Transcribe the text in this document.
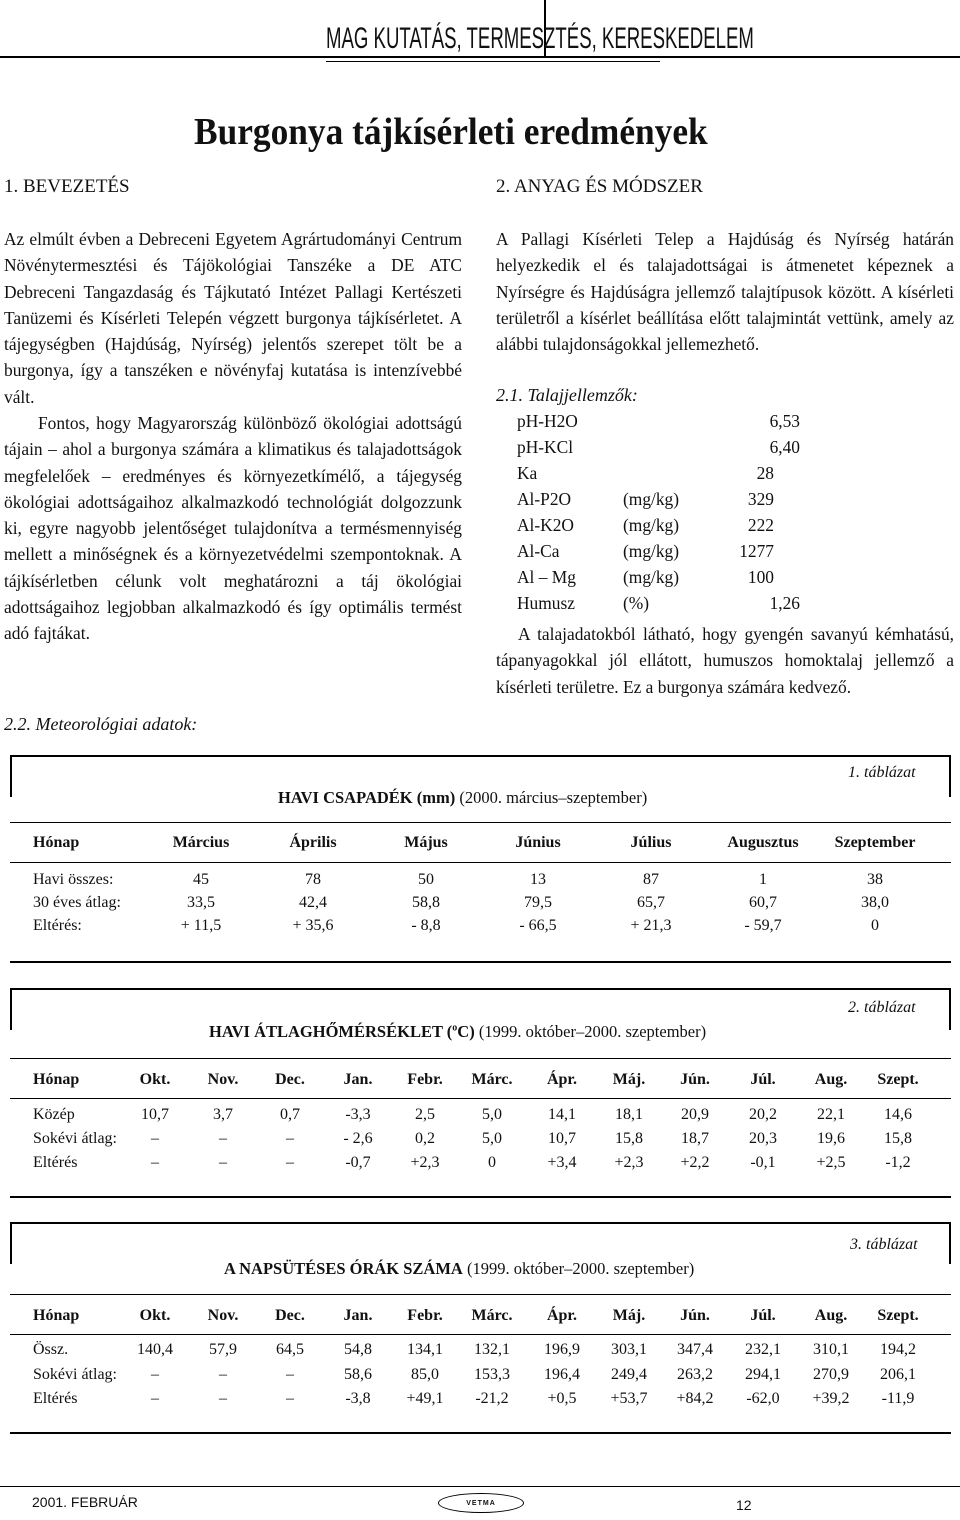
MAG KUTATÁS, TERMESZTÉS, KERESKEDELEM
Burgonya tájkísérleti eredmények
1. BEVEZETÉS

Az elmúlt évben a Debreceni Egyetem Agrártudományi Centrum Növénytermesztési és Tájökológiai Tanszéke a DE ATC Debreceni Tangazdaság és Tájkutató Intézet Pallagi Kertészeti Tanüzemi és Kísérleti Telepén végzett burgonya tájkísérletet. A tájegységben (Hajdúság, Nyírség) jelentős szerepet tölt be a burgonya, így a tanszéken e növényfaj kutatása is intenzívebbé vált.

Fontos, hogy Magyarország különböző ökológiai adottságú tájain – ahol a burgonya számára a klimatikus és talajadottságok megfelelőek – eredményes és környezetkímélő, a tájegység ökológiai adottságaihoz alkalmazkodó technológiát dolgozzunk ki, egyre nagyobb jelentőséget tulajdonítva a termésmennyiség mellett a minőségnek és a környezetvédelmi szempontoknak. A tájkísérletben célunk volt meghatározni a táj ökológiai adottságaihoz legjobban alkalmazkodó és így optimális termést adó fajtákat.

2.2. Meteorológiai adatok:
2. ANYAG ÉS MÓDSZER

A Pallagi Kísérleti Telep a Hajdúság és Nyírség határán helyezkedik el és talajadottságai is átmenetet képeznek a Nyírségre és Hajdúságra jellemző talajtípusok között. A kísérleti területről a kísérlet beállítása előtt talajmintát vettünk, amely az alábbi tulajdonságokkal jellemezhető.

2.1. Talajjellemzők:
pH-H2O	6,53
pH-KCl	6,40
Ka	28
Al-P2O	(mg/kg)	329
Al-K2O	(mg/kg)	222
Al-Ca	(mg/kg)	1277
Al – Mg	(mg/kg)	100
Humusz	(%)	1,26

A talajadatokból látható, hogy gyengén savanyú kémhatású, tápanyagokkal jól ellátott, humuszos homoktalaj jellemző a kísérleti területre. Ez a burgonya számára kedvező.

1. táblázat
HAVI CSAPADÉK (mm) (2000. március–szeptember)
Hónap	Március	Április	Május	Június	Július	Augusztus Szeptember
Havi összes:	45	78	50	13	87	1	38
30 éves átlag:	33,5	42,4	58,8	79,5	65,7	60,7	38,0
Eltérés:	+ 11,5	+ 35,6	- 8,8	- 66,5	+ 21,3	- 59,7	0
2. táblázat
HAVI ÁTLAGHŐMÉRSÉKLET ($^o$C) (1999. október–2000. szeptember)
Hónap	Okt. Nov. Dec. Jan. Febr. Márc. Ápr. Máj. Jún.	Júl. Aug. Szept.
Közép	10,7	3,7	0,7	-3,3	2,5	5,0	14,1 18,1 20,9	20,2	22,1 14,6
Sokévi átlag: –	–	–	- 2,6	0,2	5,0	10,7 15,8 18,7	20,3	19,6 15,8
Eltérés	–	–	–	-0,7 +2,3	0	+3,4 +2,3 +2,2	-0,1	+2,5 -1,2
3. táblázat
A NAPSÜTÉSES ÓRÁK SZÁMA (1999. október–2000. szeptember)
Hónap	Okt. Nov. Dec. Jan. Febr. Márc. Ápr. Máj. Jún.	Júl. Aug. Szept.
Össz.	140,4 57,9 64,5	54,8 134,1 132,1 196,9 303,1 347,4 232,1 310,1 194,2
Sokévi átlag: –	–	–	58,6 85,0 153,3 196,4 249,4 263,2 294,1 270,9 206,1
Eltérés	–	–	–	-3,8 +49,1 -21,2 +0,5 +53,7 +84,2 -62,0 +39,2 -11,9
2001. FEBRUÁR	VETMA	12
